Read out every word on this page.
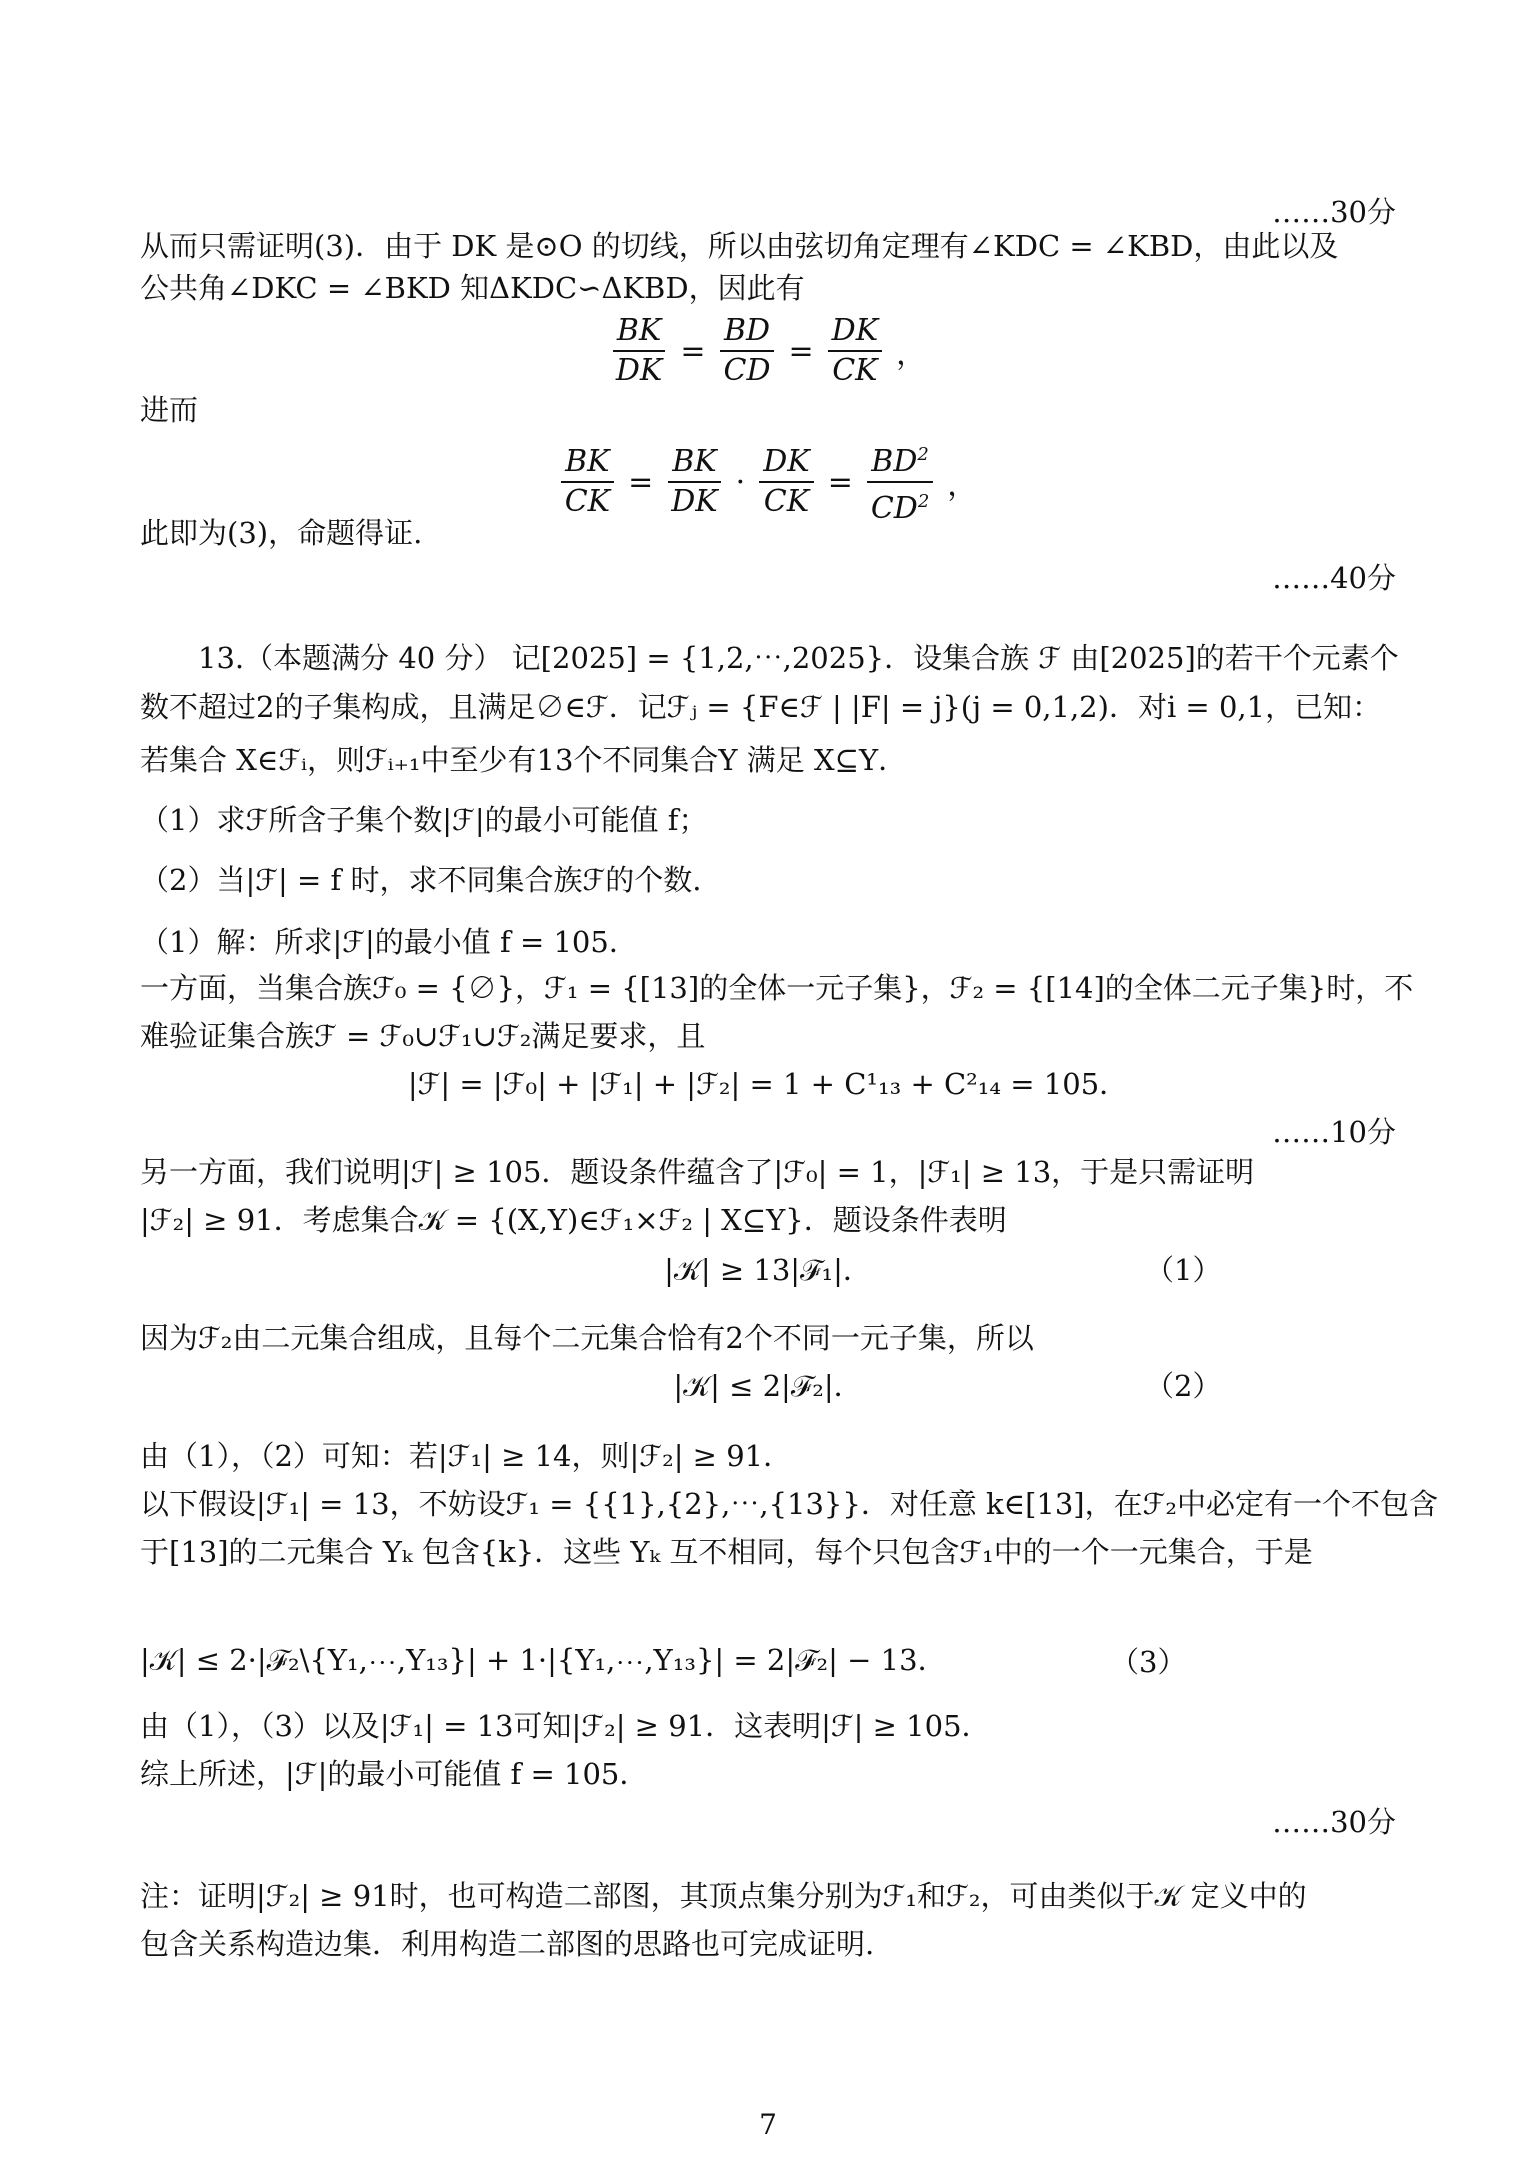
……30分
从而只需证明(3)．由于 DK 是⊙O 的切线，所以由弦切角定理有∠KDC = ∠KBD，由此以及
公共角∠DKC = ∠BKD 知ΔKDC∽ΔKBD，因此有
进而
此即为(3)，命题得证.
……40分
　　13.（本题满分 40 分） 记[2025] = {1,2,⋯,2025}．设集合族 ℱ 由[2025]的若干个元素个
数不超过2的子集构成，且满足∅∈ℱ．记ℱⱼ = {F∈ℱ | |F| = j}(j = 0,1,2)．对i = 0,1，已知：
若集合 X∈ℱᵢ，则ℱᵢ₊₁中至少有13个不同集合Y 满足 X⊆Y．
（1）求ℱ所含子集个数|ℱ|的最小可能值 f；
（2）当|ℱ| = f 时，求不同集合族ℱ的个数.
（1）解：所求|ℱ|的最小值 f = 105．
一方面，当集合族ℱ₀ = {∅}，ℱ₁ = {[13]的全体一元子集}，ℱ₂ = {[14]的全体二元子集}时，不
难验证集合族ℱ = ℱ₀∪ℱ₁∪ℱ₂满足要求，且
|ℱ| = |ℱ₀| + |ℱ₁| + |ℱ₂| = 1 + C¹₁₃ + C²₁₄ = 105．
……10分
另一方面，我们说明|ℱ| ≥ 105．题设条件蕴含了|ℱ₀| = 1，|ℱ₁| ≥ 13，于是只需证明
|ℱ₂| ≥ 91．考虑集合𝒦 = {(X,Y)∈ℱ₁×ℱ₂ | X⊆Y}．题设条件表明
|𝒦| ≥ 13|ℱ₁|．	（1）
因为ℱ₂由二元集合组成，且每个二元集合恰有2个不同一元子集，所以
|𝒦| ≤ 2|ℱ₂|．	（2）
由（1），（2）可知：若|ℱ₁| ≥ 14，则|ℱ₂| ≥ 91．
以下假设|ℱ₁| = 13，不妨设ℱ₁ = {{1},{2},⋯,{13}}．对任意 k∈[13]，在ℱ₂中必定有一个不包含
于[13]的二元集合 Yₖ 包含{k}．这些 Yₖ 互不相同，每个只包含ℱ₁中的一个一元集合，于是
|𝒦| ≤ 2·|ℱ₂\{Y₁,⋯,Y₁₃}| + 1·|{Y₁,⋯,Y₁₃}| = 2|ℱ₂| − 13．	（3）
由（1），（3）以及|ℱ₁| = 13可知|ℱ₂| ≥ 91．这表明|ℱ| ≥ 105．
综上所述，|ℱ|的最小可能值 f = 105．
……30分
注：证明|ℱ₂| ≥ 91时，也可构造二部图，其顶点集分别为ℱ₁和ℱ₂，可由类似于𝒦 定义中的
包含关系构造边集．利用构造二部图的思路也可完成证明.
$\frac{BK}{DK} = \frac{BD}{CD} = \frac{DK}{CK}$ ，
$\frac{BK}{CK} = \frac{BK}{DK} \cdot \frac{DK}{CK} = \frac{BD^2}{CD^2}$ ，
7
